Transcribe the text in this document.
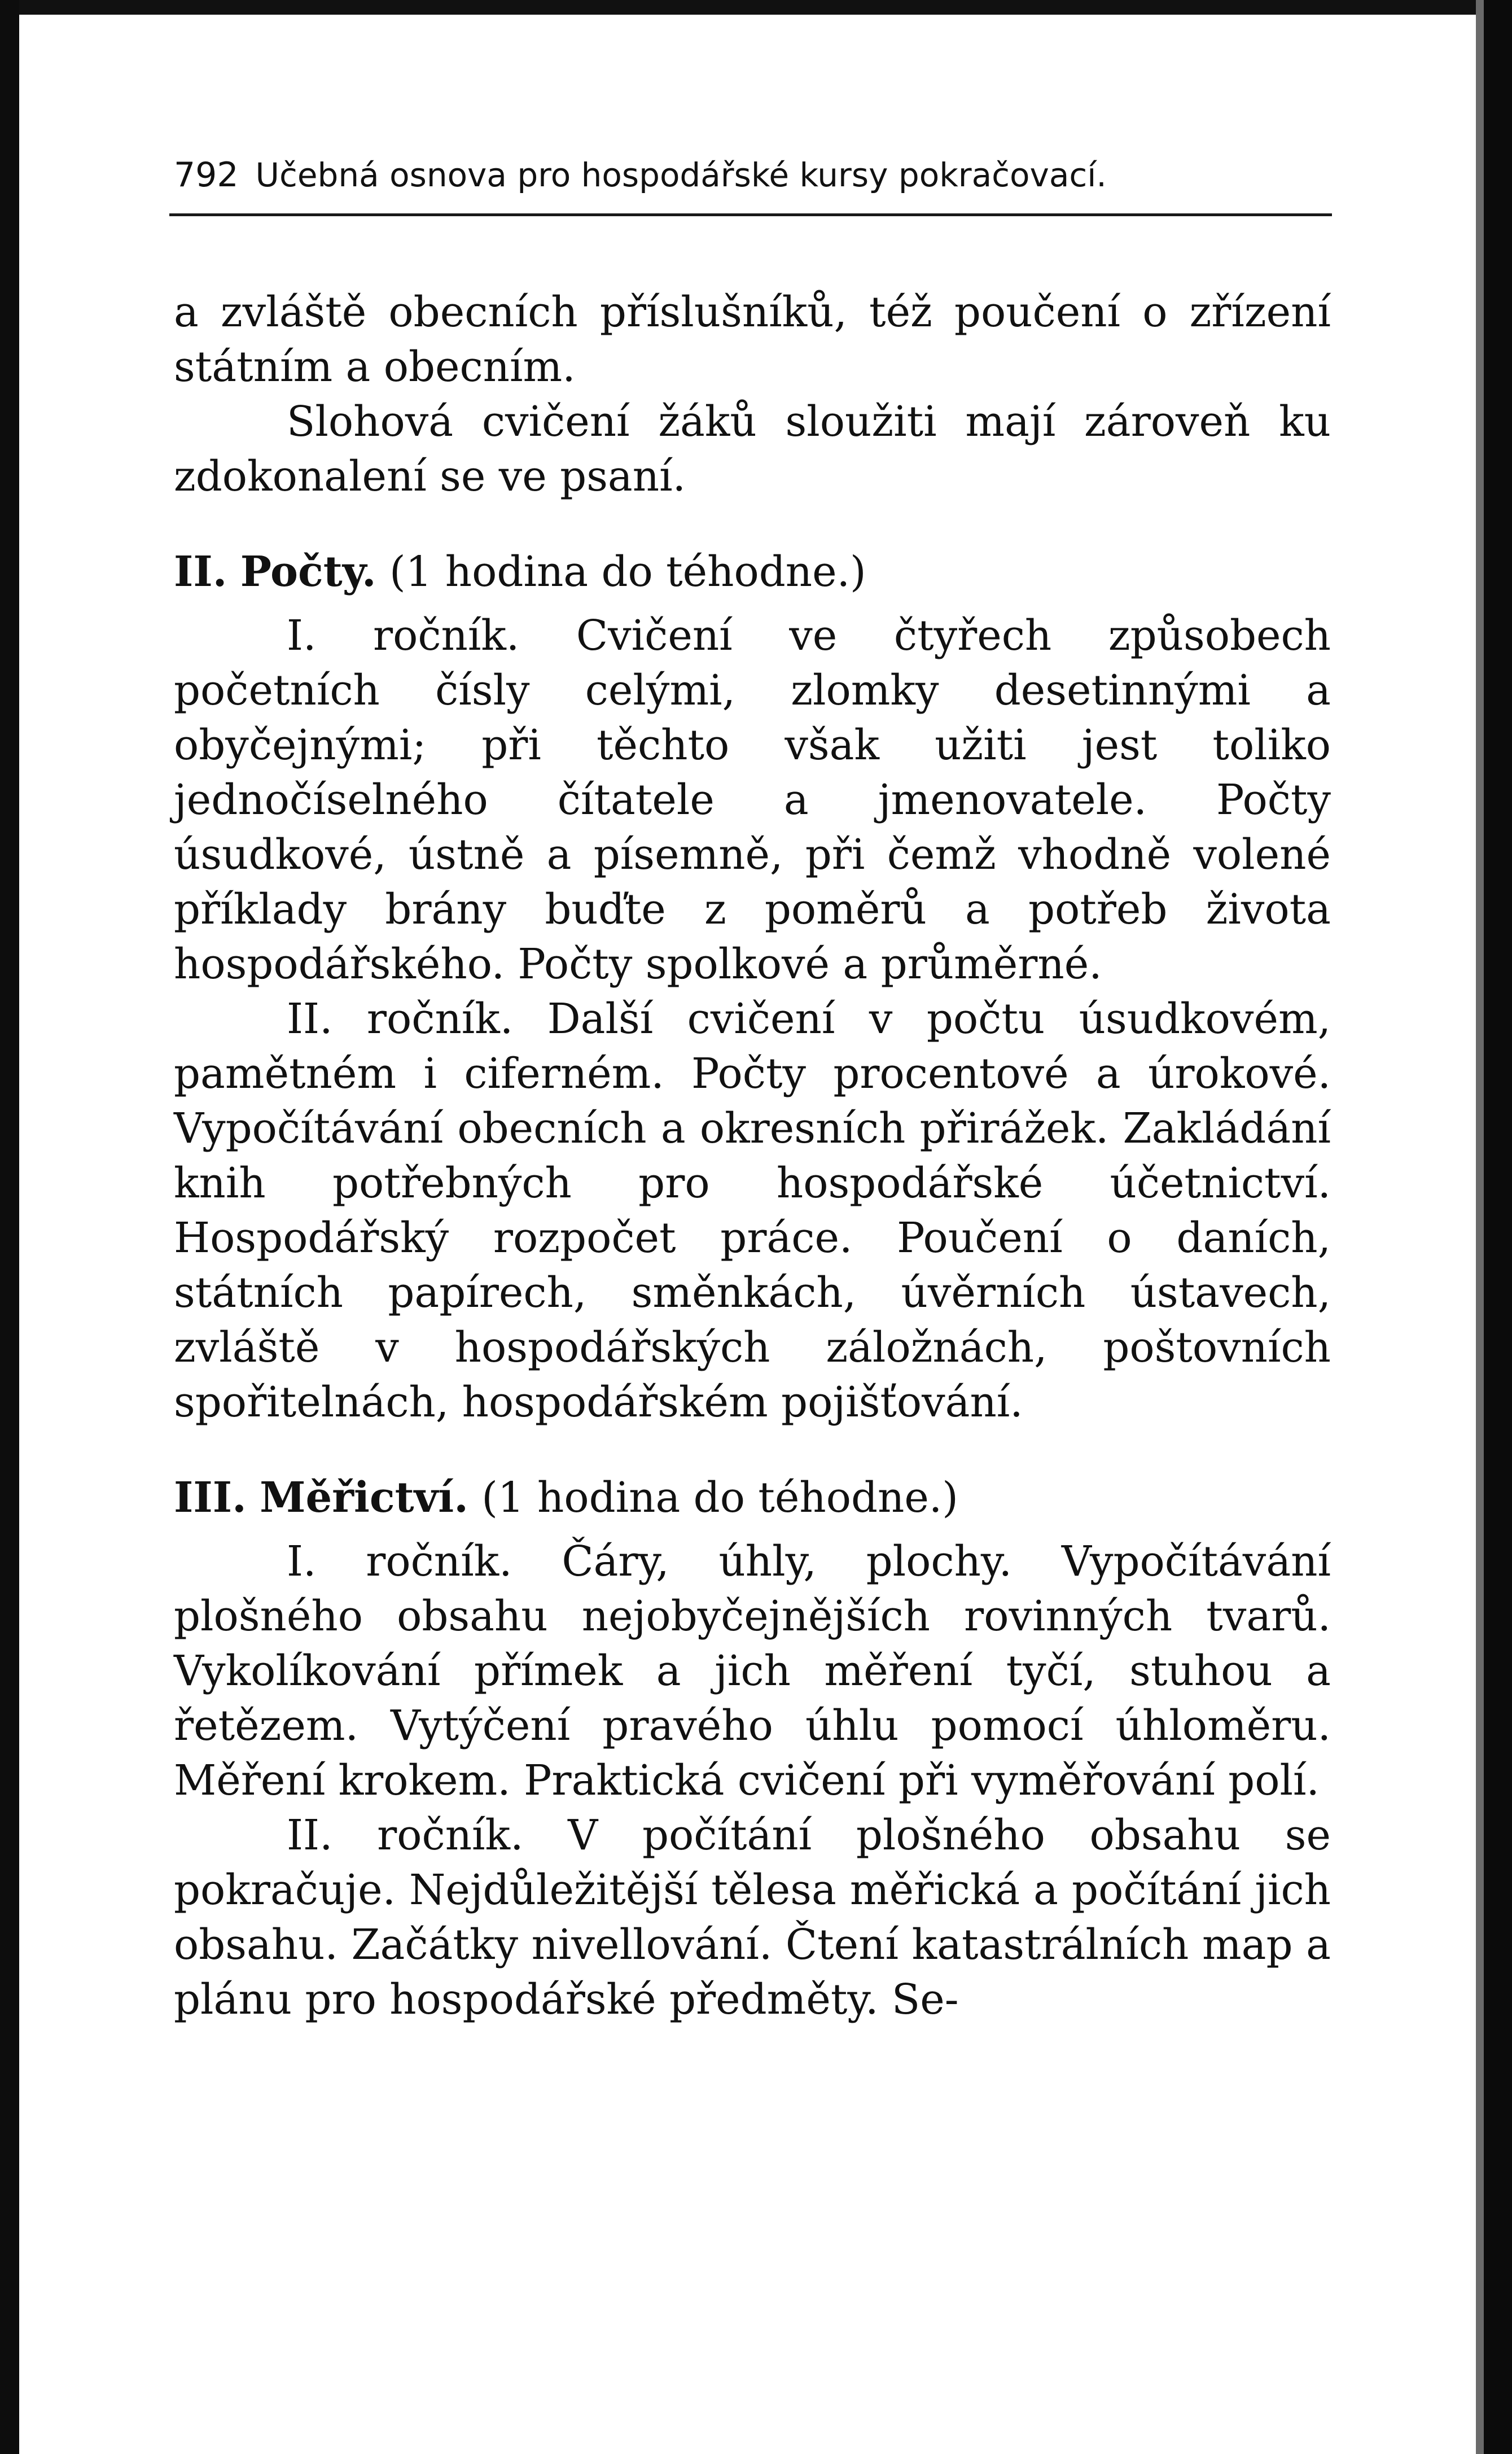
792 Učebná osnova pro hospodářské kursy pokračovací.

a zvláště obecních příslušníků, též poučení o zřízení státním a obecním.

Slohová cvičení žáků sloužiti mají zároveň ku zdokonalení se ve psaní.

II. Počty. (1 hodina do téhodne.)

I. ročník. Cvičení ve čtyřech způsobech početních čísly celými, zlomky desetinnými a obyčejnými; při těchto však užiti jest toliko jednočíselného čítatele a jmenovatele. Počty úsudkové, ústně a písemně, při čemž vhodně volené příklady brány buďte z poměrů a potřeb života hospodářského. Počty spolkové a průměrné.

II. ročník. Další cvičení v počtu úsudkovém, pamětném i ciferném. Počty procentové a úrokové. Vypočítávání obecních a okresních přirážek. Zakládání knih potřebných pro hospodářské účetnictví. Hospodářský rozpočet práce. Poučení o daních, státních papírech, směnkách, úvěrních ústavech, zvláště v hospodářských záložnách, poštovních spořitelnách, hospodářském pojišťování.

III. Měřictví. (1 hodina do téhodne.)

I. ročník. Čáry, úhly, plochy. Vypočítávání plošného obsahu nejobyčejnějších rovinných tvarů. Vykolíkování přímek a jich měření tyčí, stuhou a řetězem. Vytýčení pravého úhlu pomocí úhloměru. Měření krokem. Praktická cvičení při vyměřování polí.

II. ročník. V počítání plošného obsahu se pokračuje. Nejdůležitější tělesa měřická a počítání jich obsahu. Začátky nivellování. Čtení katastrálních map a plánu pro hospodářské předměty. Se-
